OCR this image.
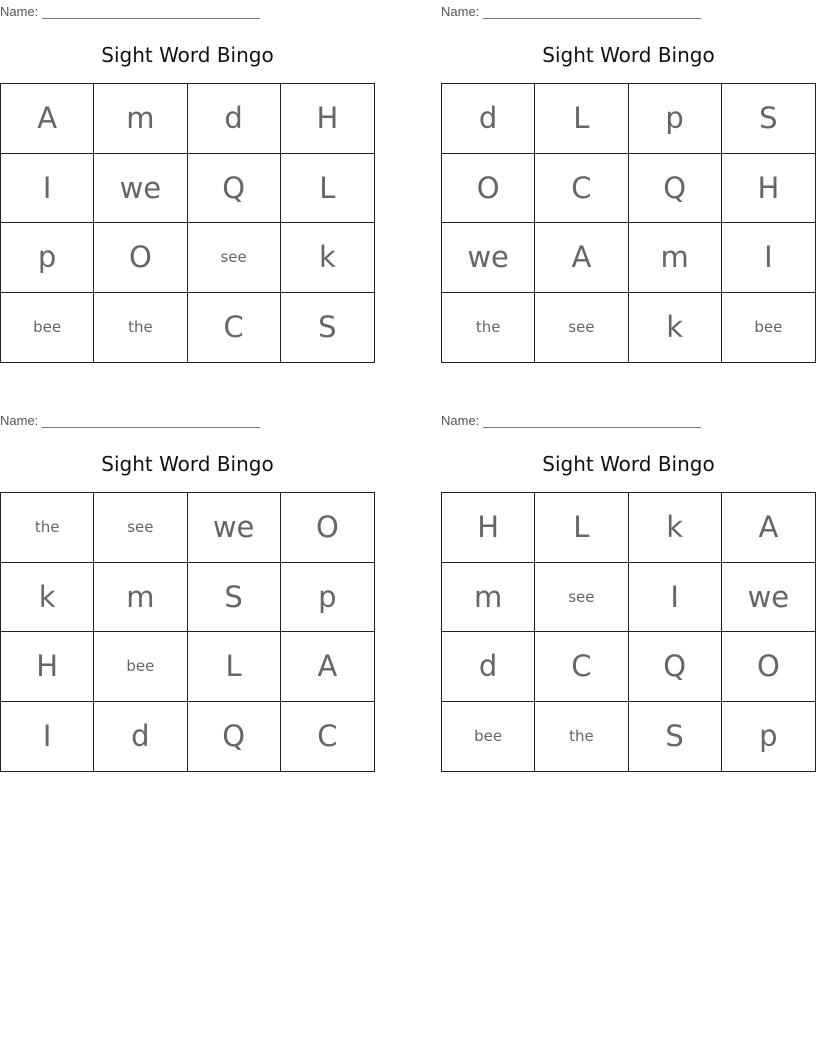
Name:
Sight Word Bingo
A	m	d	H
I	we	Q	L
p	O	see	k
bee	the	C	S
Name:
Sight Word Bingo
d	L	p	S
O	C	Q	H
we	A	m	I
the	see	k	bee
Name:
Sight Word Bingo
the	see	we	O
k	m	S	p
H	bee	L	A
I	d	Q	C
Name:
Sight Word Bingo
H	L	k	A
m	see	I	we
d	C	Q	O
bee	the	S	p
